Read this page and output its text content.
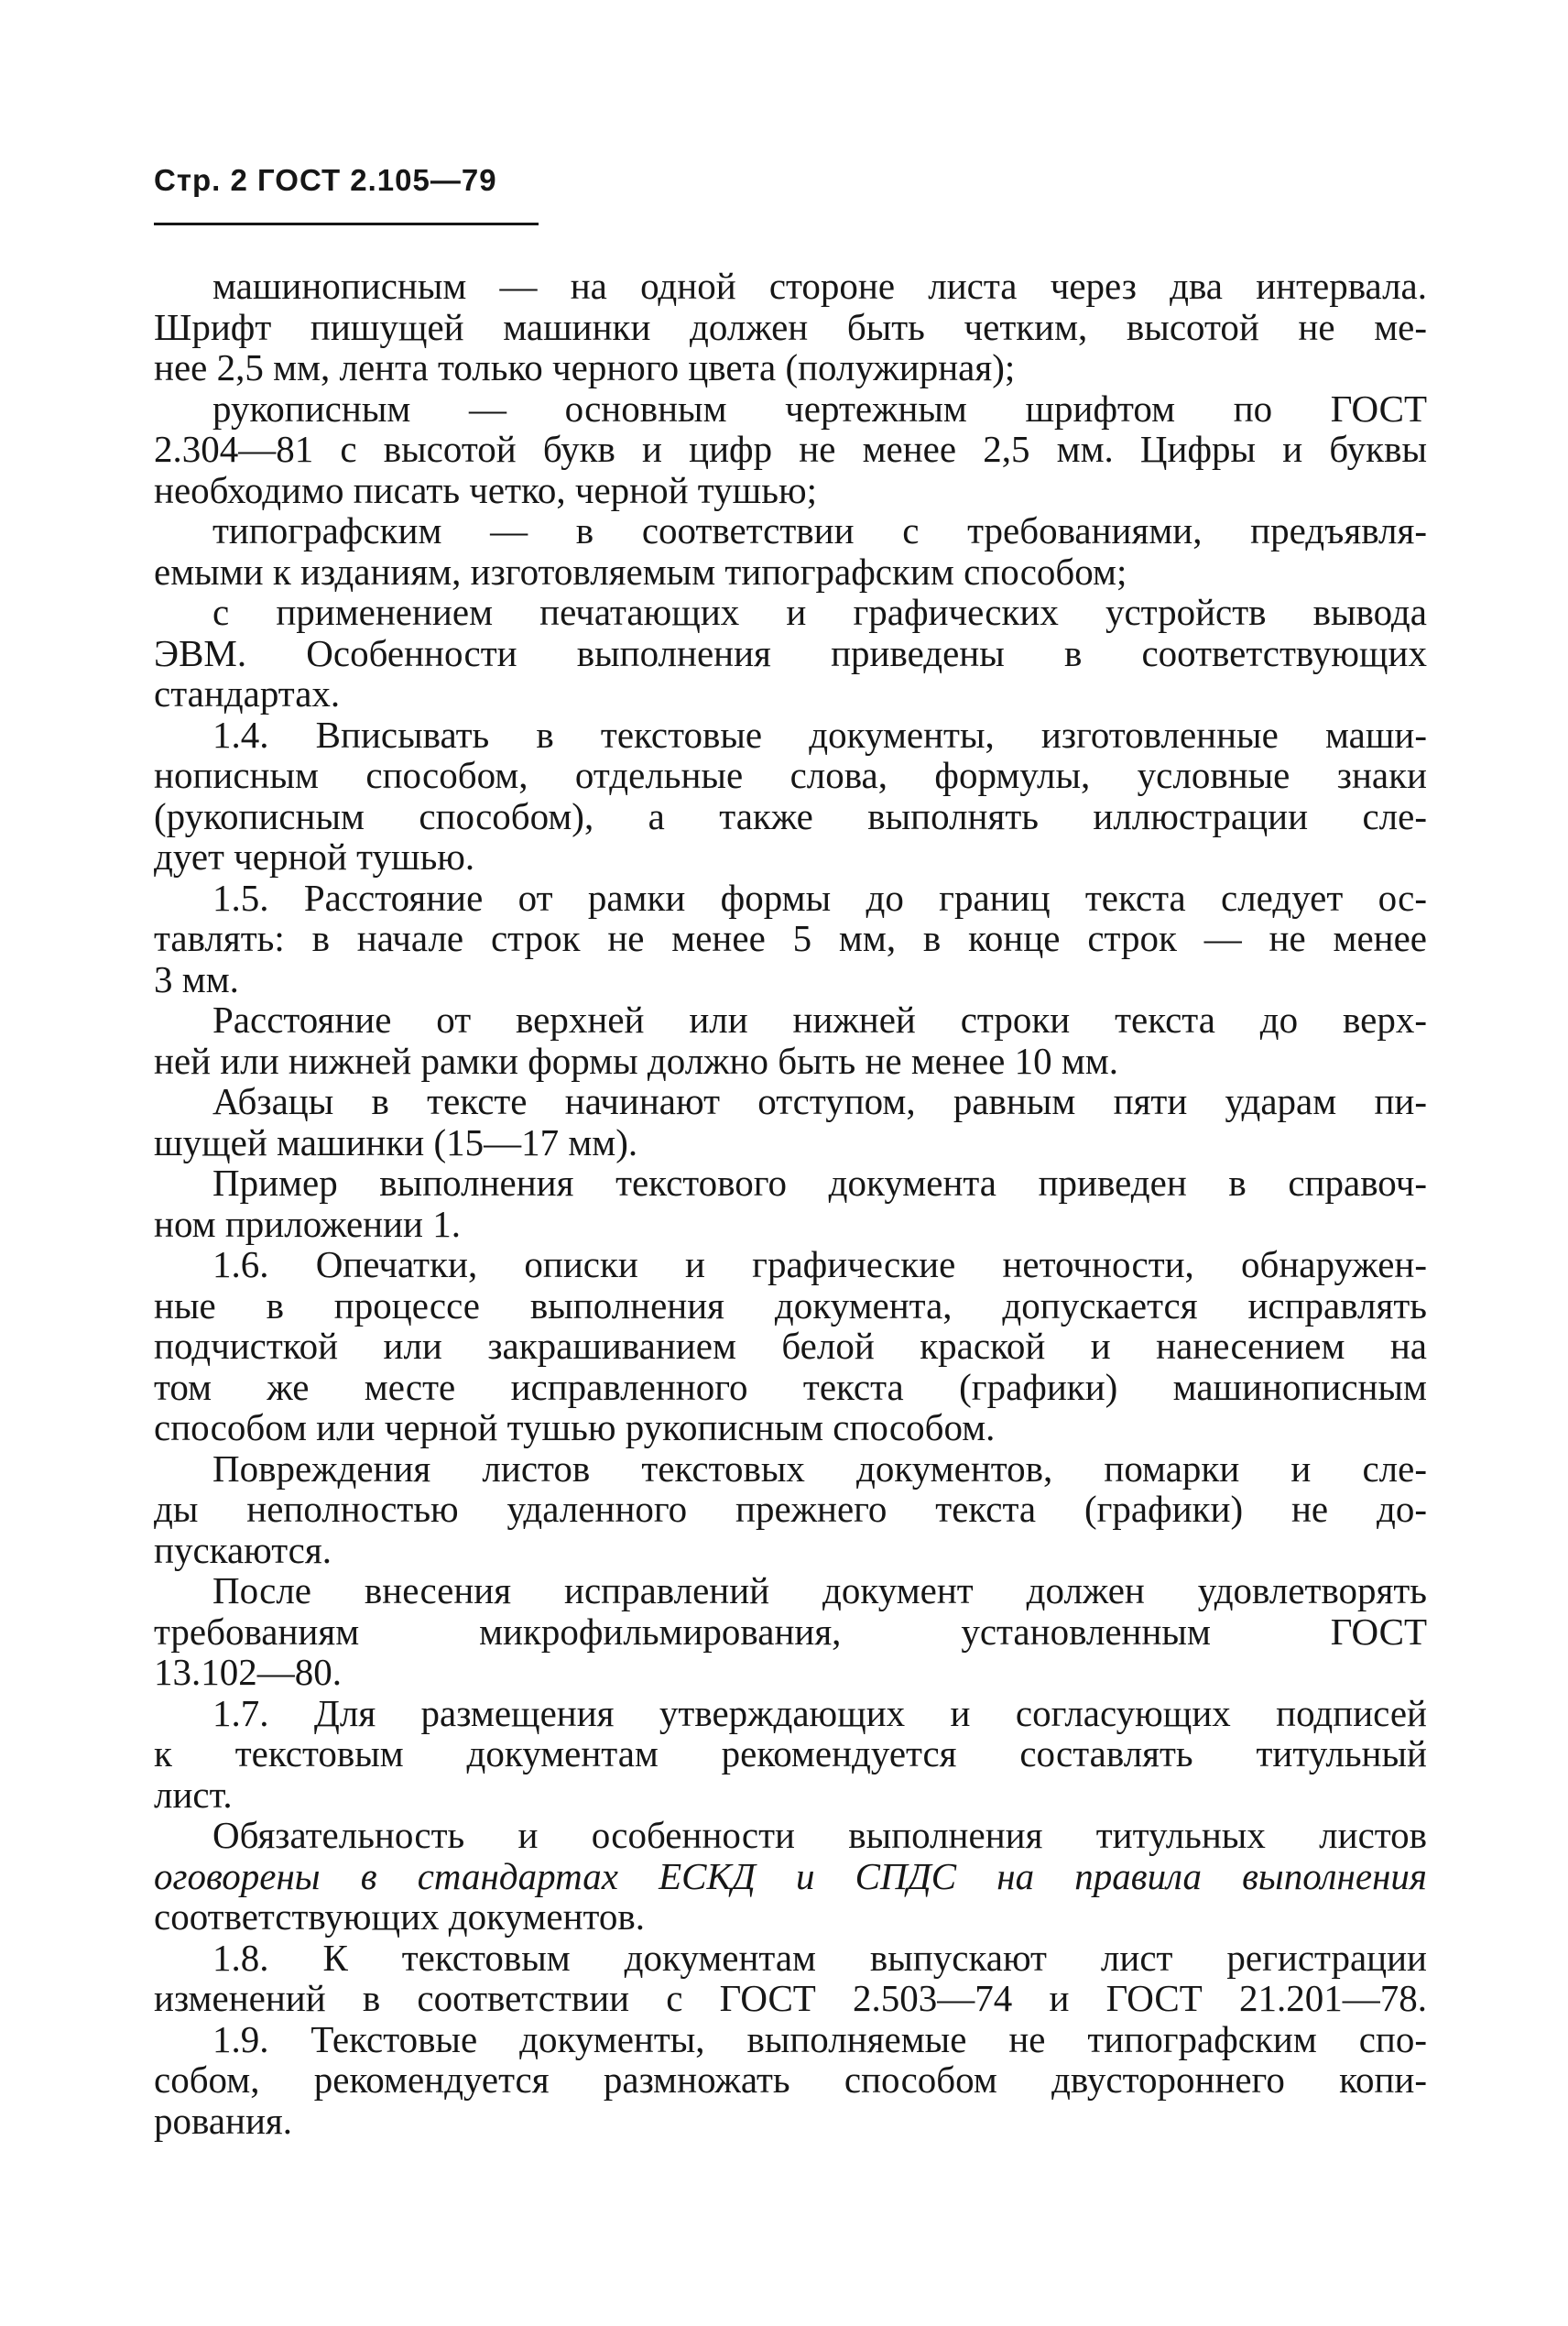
Стр. 2 ГОСТ 2.105—79
машинописным — на одной стороне листа через два интервала.
Шрифт пишущей машинки должен быть четким, высотой не ме-
нее 2,5 мм, лента только черного цвета (полужирная);
рукописным — основным чертежным шрифтом по ГОСТ
2.304—81 с высотой букв и цифр не менее 2,5 мм. Цифры и буквы
необходимо писать четко, черной тушью;
типографским — в соответствии с требованиями, предъявля-
емыми к изданиям, изготовляемым типографским способом;
с применением печатающих и графических устройств вывода
ЭВМ. Особенности выполнения приведены в соответствующих
стандартах.
1.4. Вписывать в текстовые документы, изготовленные маши-
нописным способом, отдельные слова, формулы, условные знаки
(рукописным способом), а также выполнять иллюстрации сле-
дует черной тушью.
1.5. Расстояние от рамки формы до границ текста следует ос-
тавлять: в начале строк не менее 5 мм, в конце строк — не менее
3 мм.
Расстояние от верхней или нижней строки текста до верх-
ней или нижней рамки формы должно быть не менее 10 мм.
Абзацы в тексте начинают отступом, равным пяти ударам пи-
шущей машинки (15—17 мм).
Пример выполнения текстового документа приведен в справоч-
ном приложении 1.
1.6. Опечатки, описки и графические неточности, обнаружен-
ные в процессе выполнения документа, допускается исправлять
подчисткой или закрашиванием белой краской и нанесением на
том же месте исправленного текста (графики) машинописным
способом или черной тушью рукописным способом.
Повреждения листов текстовых документов, помарки и сле-
ды неполностью удаленного прежнего текста (графики) не до-
пускаются.
После внесения исправлений документ должен удовлетворять
требованиям микрофильмирования, установленным ГОСТ
13.102—80.
1.7. Для размещения утверждающих и согласующих подписей
к текстовым документам рекомендуется составлять титульный
лист.
Обязательность и особенности выполнения титульных листов
оговорены в стандартах ЕСКД и СПДС на правила выполнения
соответствующих документов.
1.8. К текстовым документам выпускают лист регистрации
изменений в соответствии с ГОСТ 2.503—74 и ГОСТ 21.201—78.
1.9. Текстовые документы, выполняемые не типографским спо-
собом, рекомендуется размножать способом двустороннего копи-
рования.
